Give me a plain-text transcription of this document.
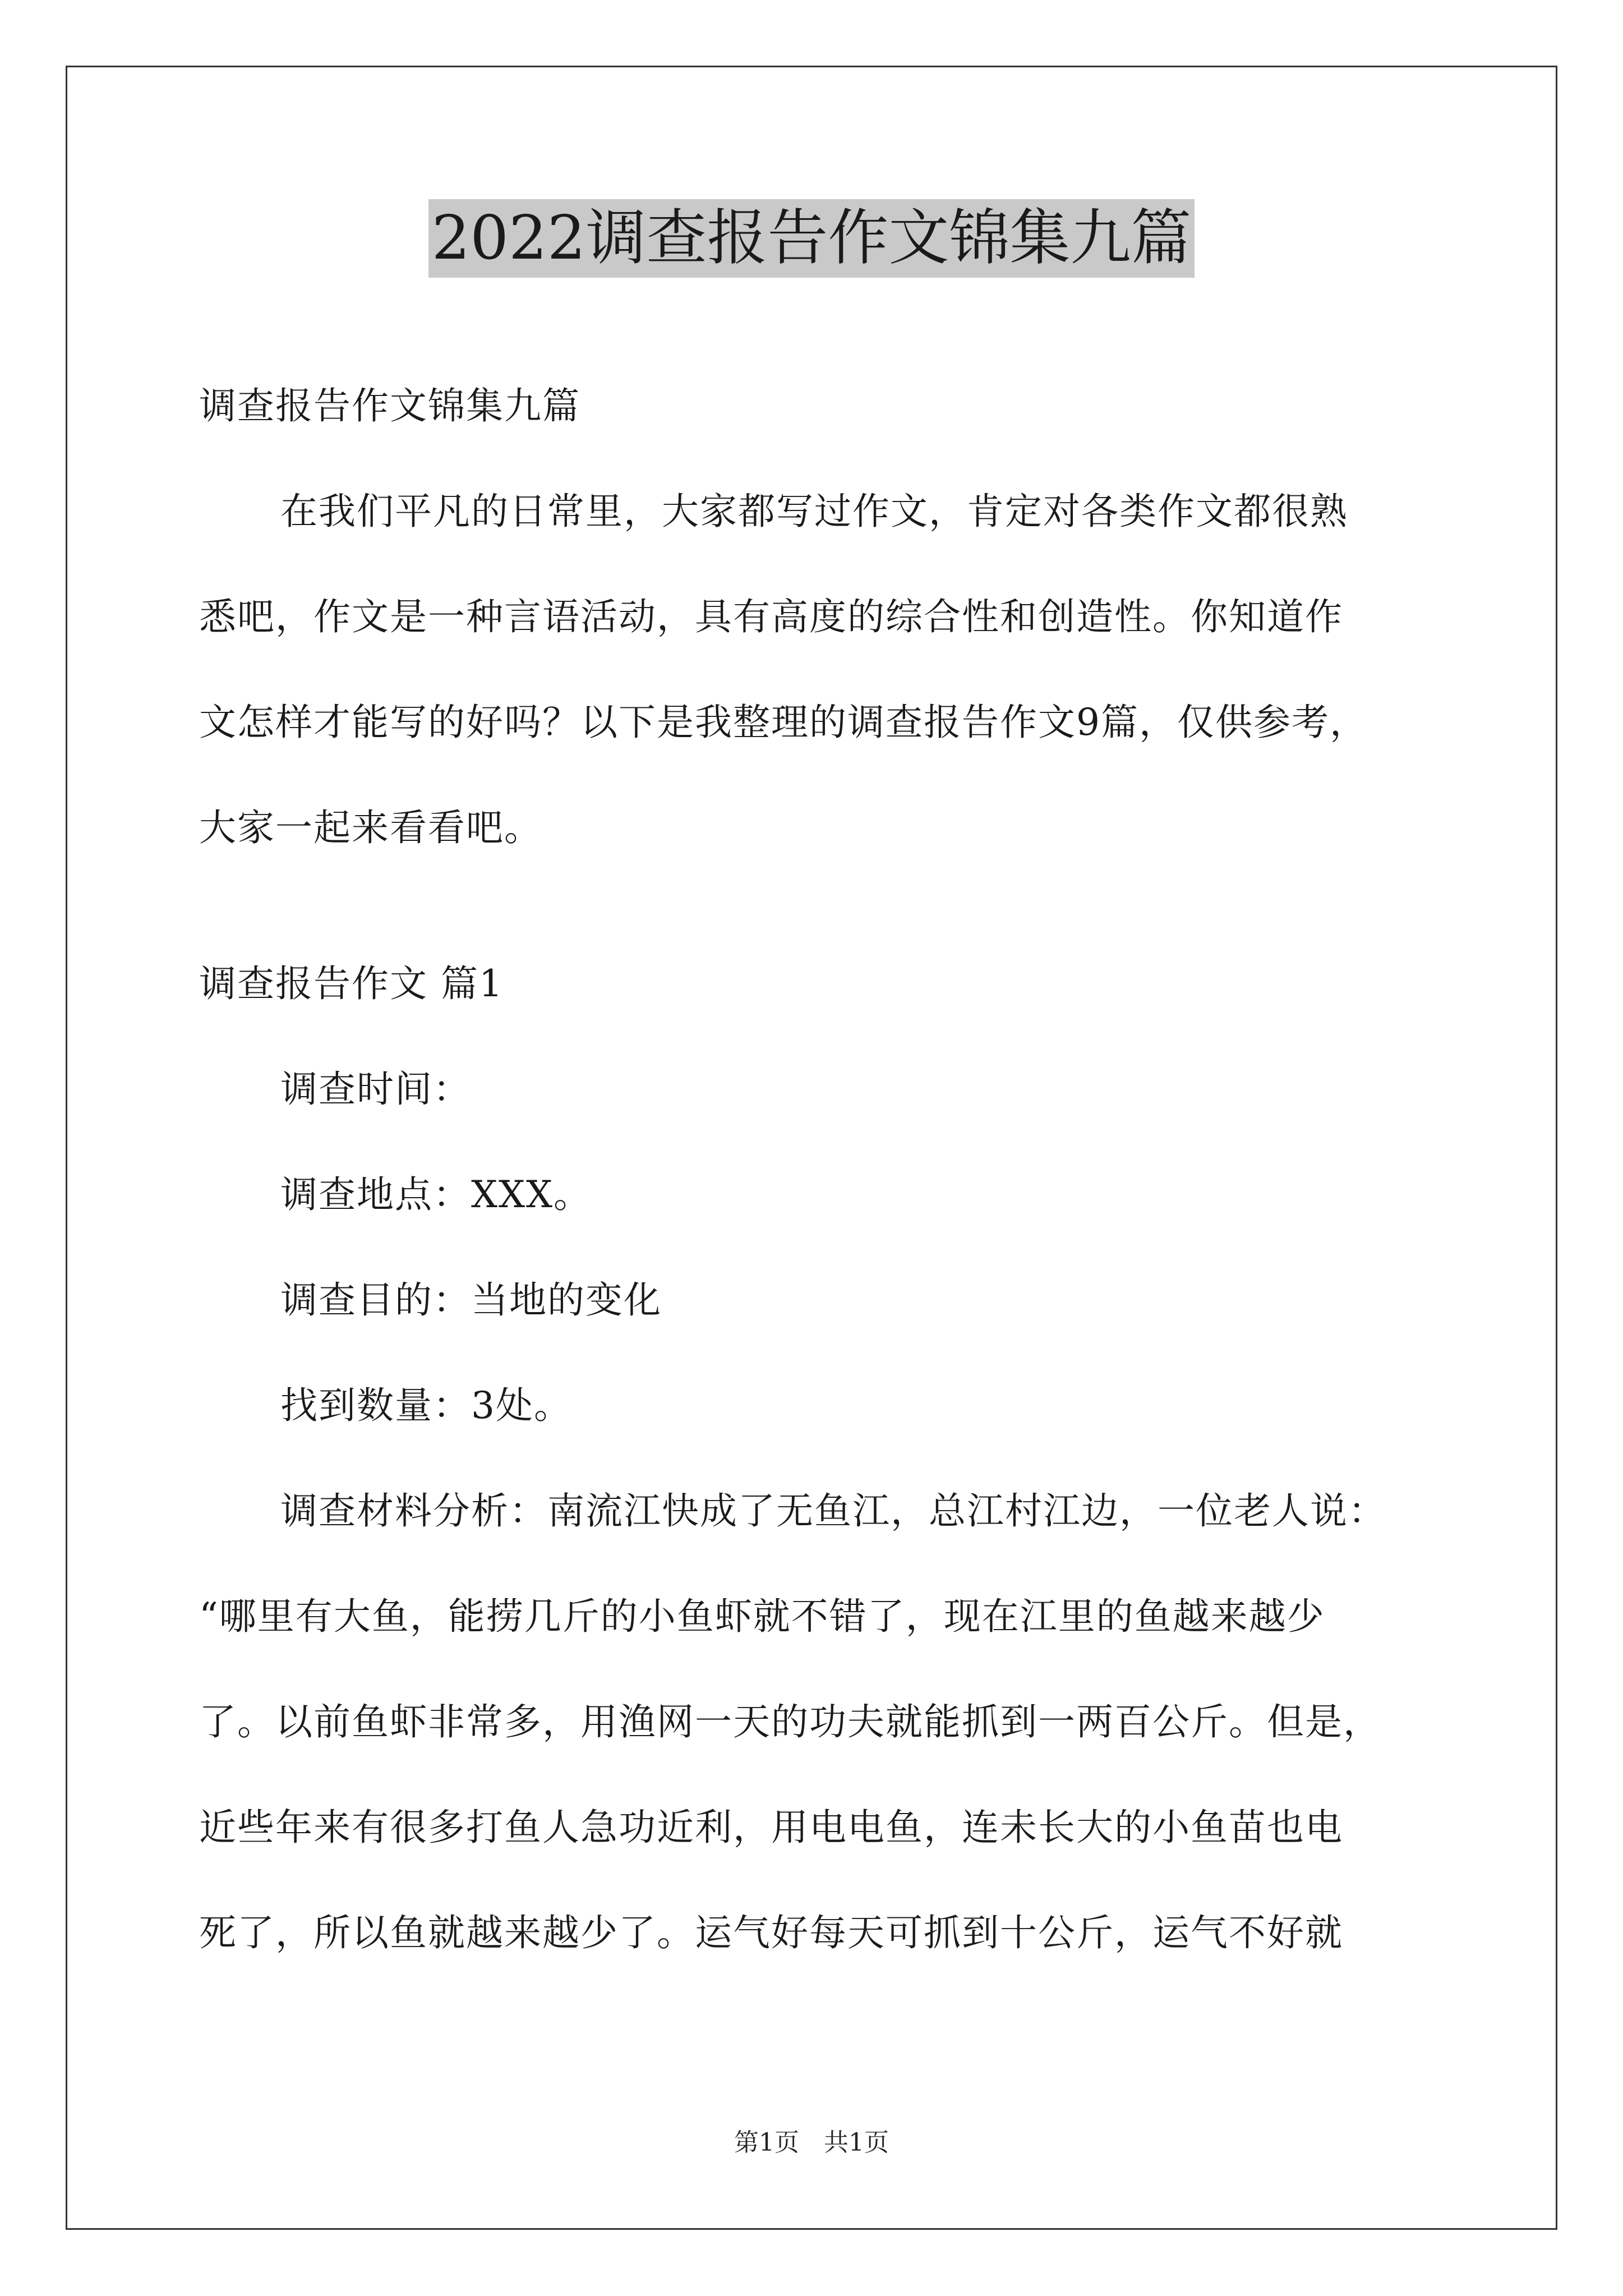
2022调查报告作文锦集九篇
调查报告作文锦集九篇
在我们平凡的日常里，大家都写过作文，肯定对各类作文都很熟
悉吧，作文是一种言语活动，具有高度的综合性和创造性。你知道作
文怎样才能写的好吗？以下是我整理的调查报告作文9篇，仅供参考，
大家一起来看看吧。
调查报告作文 篇1
调查时间：
调查地点：XXX。
调查目的：当地的变化
找到数量：3处。
调查材料分析：南流江快成了无鱼江，总江村江边，一位老人说：
“哪里有大鱼，能捞几斤的小鱼虾就不错了，现在江里的鱼越来越少
了。以前鱼虾非常多，用渔网一天的功夫就能抓到一两百公斤。但是，
近些年来有很多打鱼人急功近利，用电电鱼，连未长大的小鱼苗也电
死了，所以鱼就越来越少了。运气好每天可抓到十公斤，运气不好就
第1页　共1页
